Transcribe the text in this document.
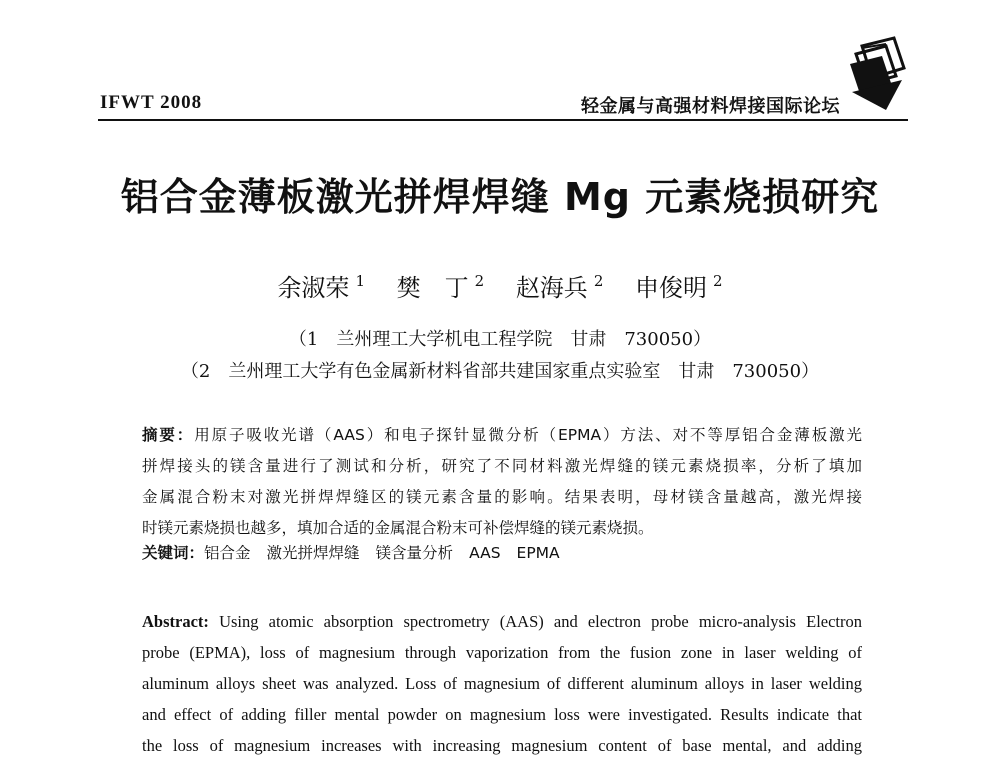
IFWT 2008	轻金属与高强材料焊接国际论坛
铝合金薄板激光拼焊焊缝 Mg 元素烧损研究
余淑荣 $^1$ 樊　丁 $^2$ 赵海兵 $^2$ 申俊明 $^2$
（1　兰州理工大学机电工程学院　甘肃　730050）
（2　兰州理工大学有色金属新材料省部共建国家重点实验室　甘肃　730050）
摘要：用原子吸收光谱（AAS）和电子探针显微分析（EPMA）方法、对不等厚铝合金薄板激光
拼焊接头的镁含量进行了测试和分析，研究了不同材料激光焊缝的镁元素烧损率，分析了填加
金属混合粉末对激光拼焊焊缝区的镁元素含量的影响。结果表明，母材镁含量越高，激光焊接
时镁元素烧损也越多，填加合适的金属混合粉末可补偿焊缝的镁元素烧损。
关键词：铝合金 激光拼焊焊缝 镁含量分析 AAS EPMA
Abstract: Using atomic absorption spectrometry (AAS) and electron probe micro-analysis Electron
probe (EPMA), loss of magnesium through vaporization from the fusion zone in laser welding of
aluminum alloys sheet was analyzed. Loss of magnesium of different aluminum alloys in laser welding
and effect of adding filler mental powder on magnesium loss were investigated. Results indicate that
the loss of magnesium increases with increasing magnesium content of base mental, and adding
